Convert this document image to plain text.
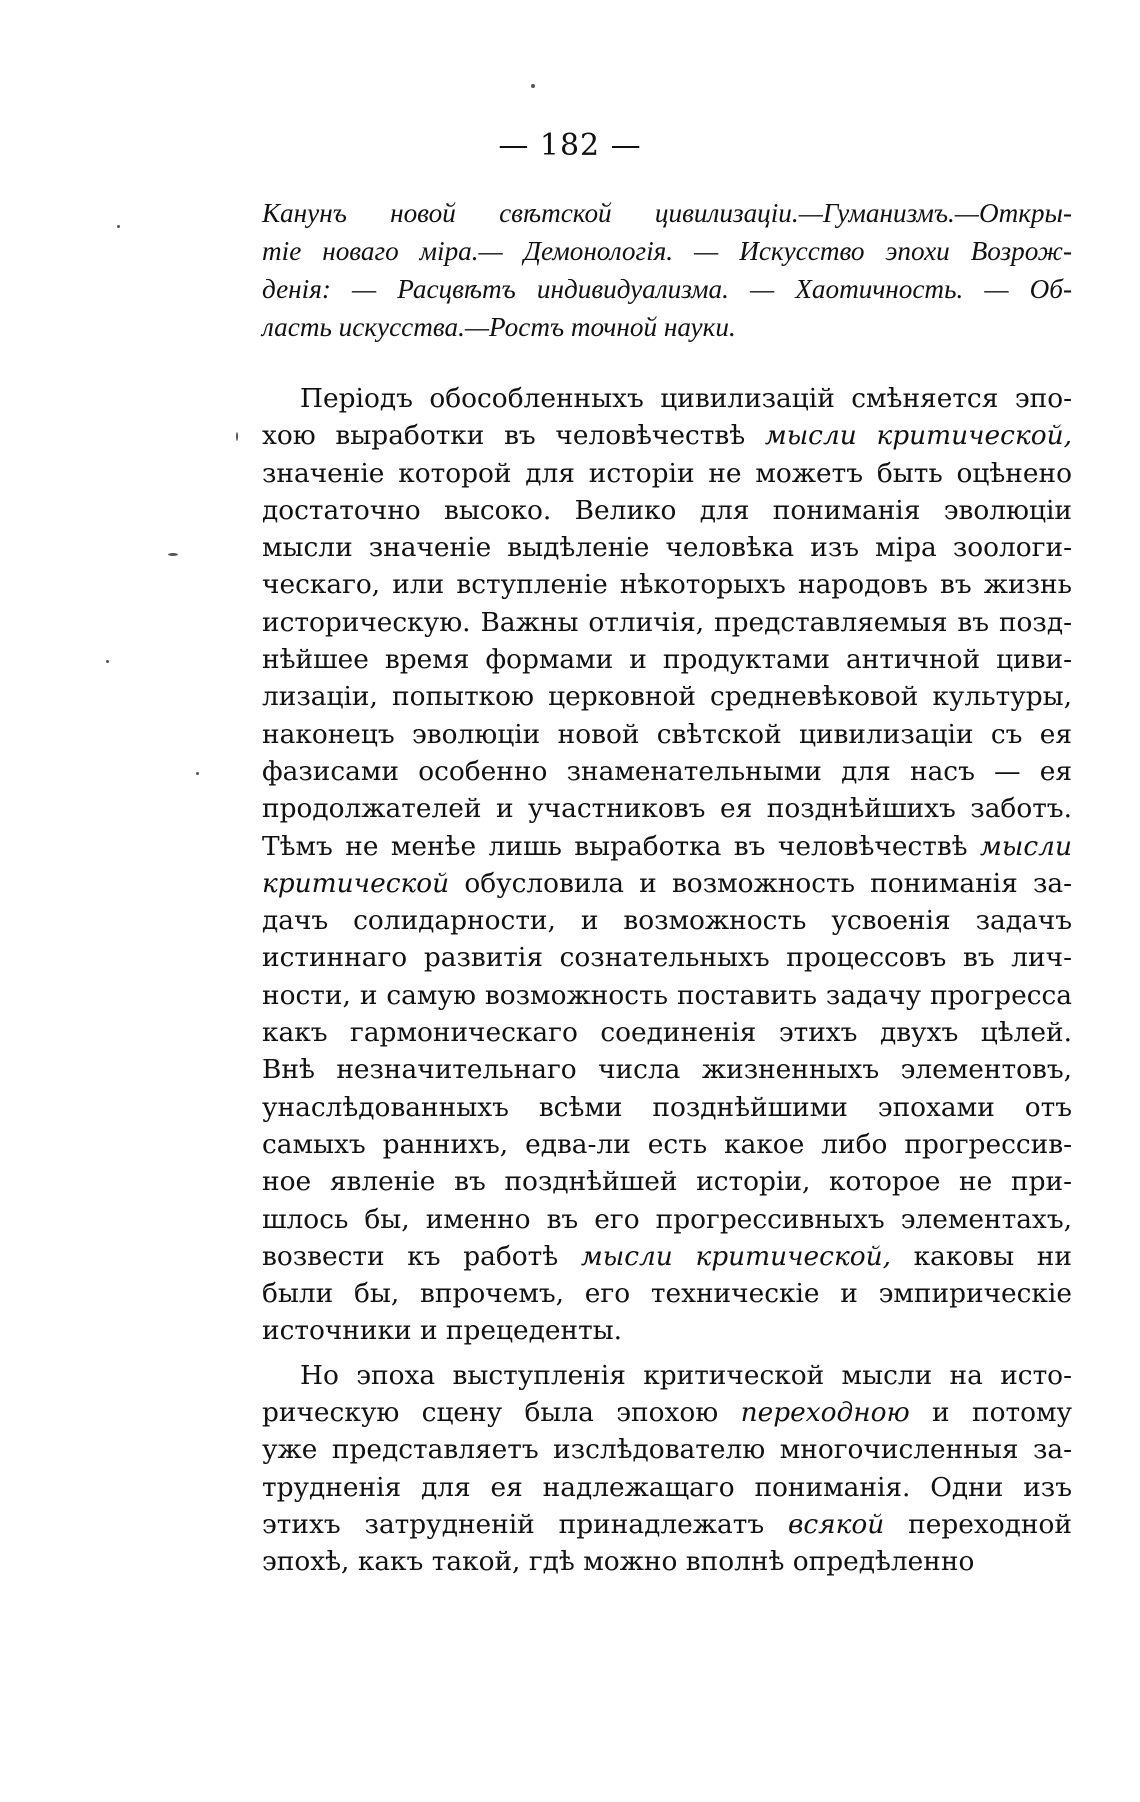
— 182 —
Канунъ новой свѣтской цивилизаціи.—Гуманизмъ.—Откры-
тіе новаго міра.— Демонологія. — Искусство эпохи Возрож-
денія: — Расцвѣтъ индивидуализма. — Хаотичность. — Об-
ласть искусства.—Ростъ точной науки.
Періодъ обособленныхъ цивилизацій смѣняется эпо-
хою выработки въ человѣчествѣ мысли критической,
значеніе которой для исторіи не можетъ быть оцѣнено
достаточно высоко. Велико для пониманія эволюціи
мысли значеніе выдѣленіе человѣка изъ міра зоологи-
ческаго, или вступленіе нѣкоторыхъ народовъ въ жизнь
историческую. Важны отличія, представляемыя въ позд-
нѣйшее время формами и продуктами античной циви-
лизаціи, попыткою церковной средневѣковой культуры,
наконецъ эволюціи новой свѣтской цивилизаціи съ ея
фазисами особенно знаменательными для насъ — ея
продолжателей и участниковъ ея позднѣйшихъ заботъ.
Тѣмъ не менѣе лишь выработка въ человѣчествѣ мысли
критической обусловила и возможность пониманія за-
дачъ солидарности, и возможность усвоенія задачъ
истиннаго развитія сознательныхъ процессовъ въ лич-
ности, и самую возможность поставить задачу прогресса
какъ гармоническаго соединенія этихъ двухъ цѣлей.
Внѣ незначительнаго числа жизненныхъ элементовъ,
унаслѣдованныхъ всѣми позднѣйшими эпохами отъ
самыхъ раннихъ, едва-ли есть какое либо прогрессив-
ное явленіе въ позднѣйшей исторіи, которое не при-
шлось бы, именно въ его прогрессивныхъ элементахъ,
возвести къ работѣ мысли критической, каковы ни
были бы, впрочемъ, его техническіе и эмпирическіе
источники и прецеденты.
Но эпоха выступленія критической мысли на исто-
рическую сцену была эпохою переходною и потому
уже представляетъ изслѣдователю многочисленныя за-
трудненія для ея надлежащаго пониманія. Одни изъ
этихъ затрудненій принадлежатъ всякой переходной
эпохѣ, какъ такой, гдѣ можно вполнѣ опредѣленно
